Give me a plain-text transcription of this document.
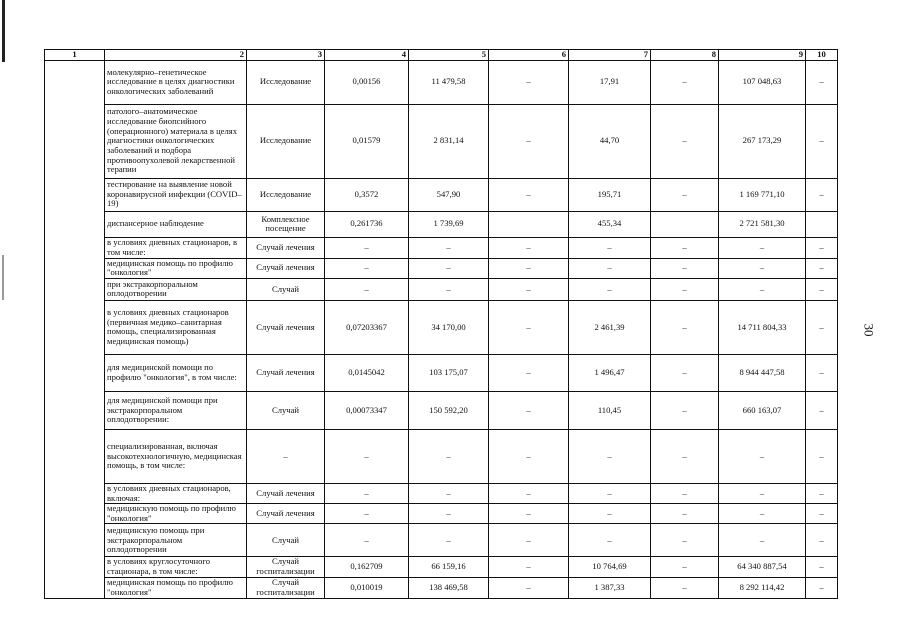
30
1	2	3	4	5	6	7	8	9	10
	молекулярно–генетическое исследование в целях диагностики онкологических заболеваний	Исследование	0,00156	11 479,58	–	17,91	–	107 048,63	–
	патолого–анатомическое исследование биопсийного (операционного) материала в целях диагностики онкологических заболеваний и подбора противоопухолевой лекарственной терапии	Исследование	0,01579	2 831,14	–	44,70	–	267 173,29	–
	тестирование на выявление новой коронавирусной инфекции (COVID–19)	Исследование	0,3572	547,90	–	195,71	–	1 169 771,10	–
	диспансерное наблюдение	Комплексное посещение	0,261736	1 739,69		455,34		2 721 581,30	
	в условиях дневных стационаров, в том числе:	Случай лечения	–	–	–	–	–	–	–
	медицинская помощь по профилю "онкология"	Случай лечения	–	–	–	–	–	–	–
	при экстракорпоральном оплодотворении	Случай	–	–	–	–	–	–	–
	в условиях дневных стационаров (первичная медико–санитарная помощь, специализированная медицинская помощь)	Случай лечения	0,07203367	34 170,00	–	2 461,39	–	14 711 804,33	–
	для медицинской помощи по профилю "онкология", в том числе:	Случай лечения	0,0145042	103 175,07	–	1 496,47	–	8 944 447,58	–
	для медицинской помощи при экстракорпоральном оплодотворении:	Случай	0,00073347	150 592,20	–	110,45	–	660 163,07	–
	специализированная, включая высокотехнологичную, медицинская помощь, в том числе:	–	–	–	–	–	–	–	–
	в условиях дневных стационаров, включая:	Случай лечения	–	–	–	–	–	–	–
	медицинскую помощь по профилю "онкология"	Случай лечения	–	–	–	–	–	–	–
	медицинскую помощь при экстракорпоральном оплодотворении	Случай	–	–	–	–	–	–	–
	в условиях круглосуточного стационара, в том числе:	Случай госпитализации	0,162709	66 159,16	–	10 764,69	–	64 340 887,54	–
	медицинская помощь по профилю "онкология"	Случай госпитализации	0,010019	138 469,58	–	1 387,33	–	8 292 114,42	–
